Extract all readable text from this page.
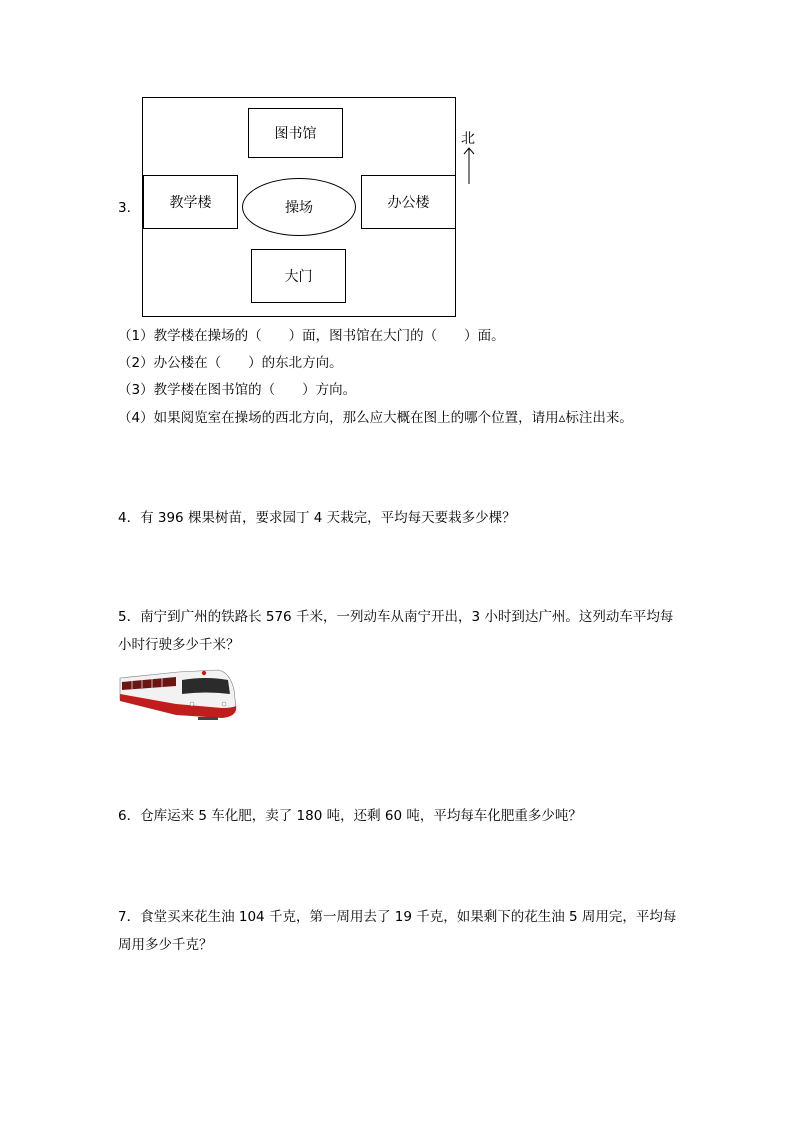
3.
图书馆
教学楼	操场	办公楼
大门
北
（1）教学楼在操场的（　　）面，图书馆在大门的（　　）面。
（2）办公楼在（　　）的东北方向。
（3）教学楼在图书馆的（　　）方向。
（4）如果阅览室在操场的西北方向，那么应大概在图上的哪个位置，请用▵标注出来。
4．有 396 棵果树苗，要求园丁 4 天栽完，平均每天要栽多少棵？
5．南宁到广州的铁路长 576 千米，一列动车从南宁开出，3 小时到达广州。这列动车平均每小时行驶多少千米？
6．仓库运来 5 车化肥，卖了 180 吨，还剩 60 吨，平均每车化肥重多少吨？
7．食堂买来花生油 104 千克，第一周用去了 19 千克，如果剩下的花生油 5 周用完，平均每周用多少千克？
